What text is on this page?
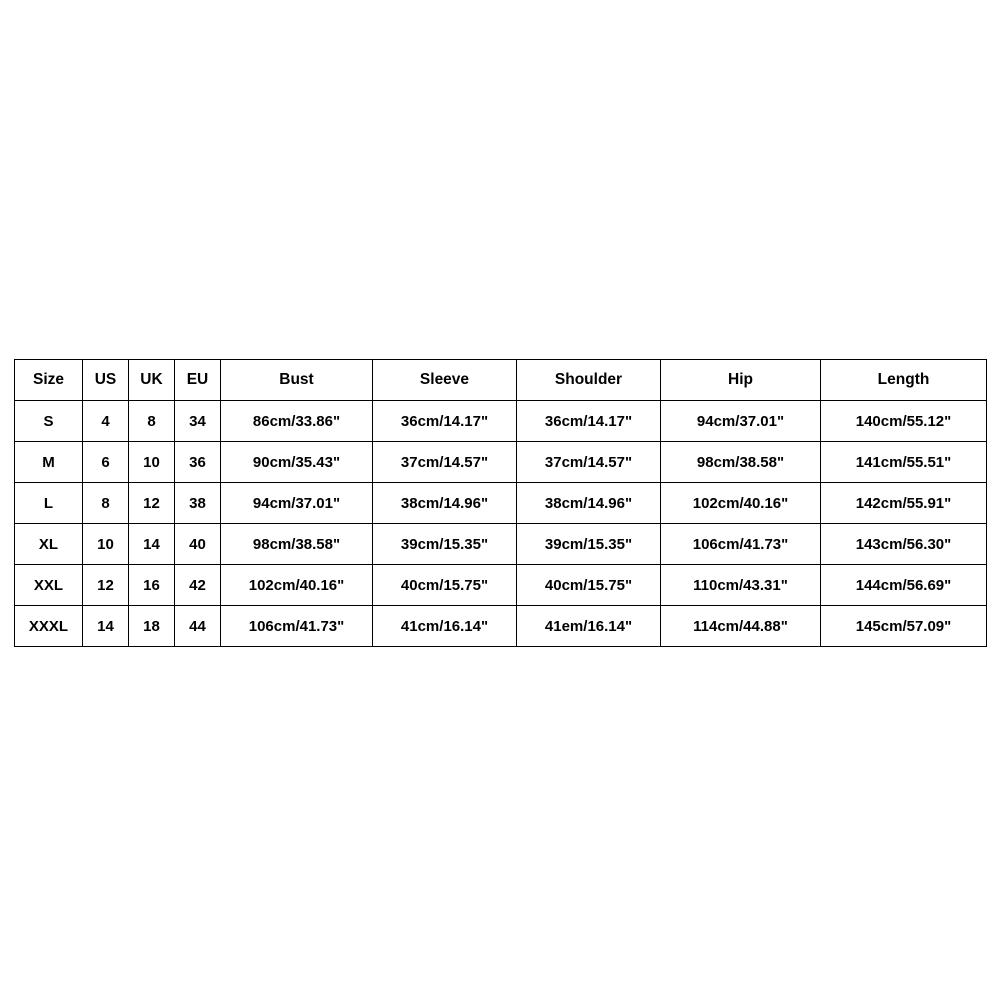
Size	US	UK	EU	Bust	Sleeve	Shoulder	Hip	Length
S	4	8	34	86cm/33.86"	36cm/14.17"	36cm/14.17"	94cm/37.01"	140cm/55.12"
M	6	10	36	90cm/35.43"	37cm/14.57"	37cm/14.57"	98cm/38.58"	141cm/55.51"
L	8	12	38	94cm/37.01"	38cm/14.96"	38cm/14.96"	102cm/40.16"	142cm/55.91"
XL	10	14	40	98cm/38.58"	39cm/15.35"	39cm/15.35"	106cm/41.73"	143cm/56.30"
XXL	12	16	42	102cm/40.16"	40cm/15.75"	40cm/15.75"	110cm/43.31"	144cm/56.69"
XXXL	14	18	44	106cm/41.73"	41cm/16.14"	41em/16.14"	114cm/44.88"	145cm/57.09"
